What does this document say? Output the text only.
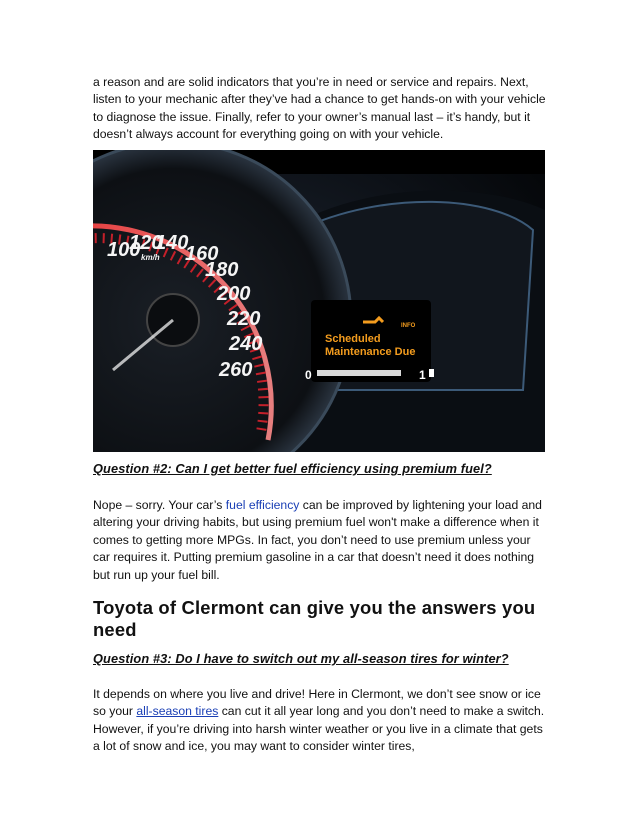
a reason and are solid indicators that you’re in need or service and repairs. Next, listen to your mechanic after they’ve had a chance to get hands-on with your vehicle to diagnose the issue. Finally, refer to your owner’s manual last – it’s handy, but it doesn’t always account for everything going on with your vehicle.

100
120
140
160
180
200
220
240
260
km/h
INFO
Scheduled
Maintenance Due
0	1
Question #2: Can I get better fuel efficiency using premium fuel?

Nope – sorry. Your car’s fuel efficiency can be improved by lightening your load and altering your driving habits, but using premium fuel won't make a difference when it comes to getting more MPGs. In fact, you don’t need to use premium unless your car requires it. Putting premium gasoline in a car that doesn’t need it does nothing but run up your fuel bill.

Toyota of Clermont can give you the answers you need
Question #3: Do I have to switch out my all-season tires for winter?

It depends on where you live and drive! Here in Clermont, we don’t see snow or ice so your all-season tires can cut it all year long and you don’t need to make a switch. However, if you’re driving into harsh winter weather or you live in a climate that gets a lot of snow and ice, you may want to consider winter tires,
